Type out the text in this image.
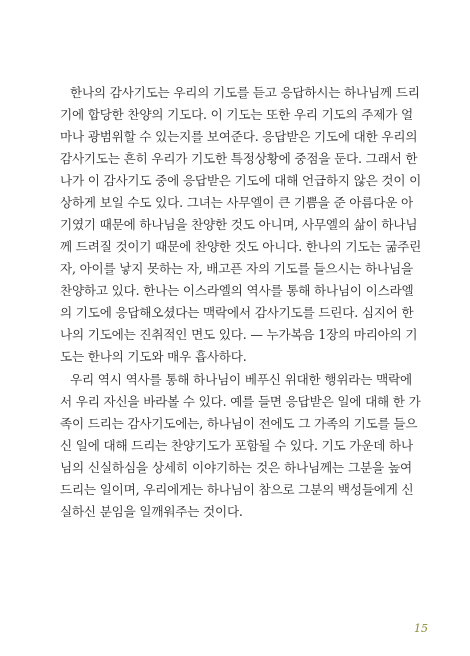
한나의 감사기도는 우리의 기도를 듣고 응답하시는 하나님께 드리
기에 합당한 찬양의 기도다. 이 기도는 또한 우리 기도의 주제가 얼
마나 광범위할 수 있는지를 보여준다. 응답받은 기도에 대한 우리의
감사기도는 흔히 우리가 기도한 특정상황에 중점을 둔다. 그래서 한
나가 이 감사기도 중에 응답받은 기도에 대해 언급하지 않은 것이 이
상하게 보일 수도 있다. 그녀는 사무엘이 큰 기쁨을 준 아름다운 아
기였기 때문에 하나님을 찬양한 것도 아니며, 사무엘의 삶이 하나님
께 드려질 것이기 때문에 찬양한 것도 아니다. 한나의 기도는 굶주린
자, 아이를 낳지 못하는 자, 배고픈 자의 기도를 들으시는 하나님을
찬양하고 있다. 한나는 이스라엘의 역사를 통해 하나님이 이스라엘
의 기도에 응답해오셨다는 맥락에서 감사기도를 드린다. 심지어 한
나의 기도에는 진취적인 면도 있다. — 누가복음 1장의 마리아의 기
도는 한나의 기도와 매우 흡사하다.
우리 역시 역사를 통해 하나님이 베푸신 위대한 행위라는 맥락에
서 우리 자신을 바라볼 수 있다. 예를 들면 응답받은 일에 대해 한 가
족이 드리는 감사기도에는, 하나님이 전에도 그 가족의 기도를 들으
신 일에 대해 드리는 찬양기도가 포함될 수 있다. 기도 가운데 하나
님의 신실하심을 상세히 이야기하는 것은 하나님께는 그분을 높여
드리는 일이며, 우리에게는 하나님이 참으로 그분의 백성들에게 신
실하신 분임을 일깨워주는 것이다.
15
